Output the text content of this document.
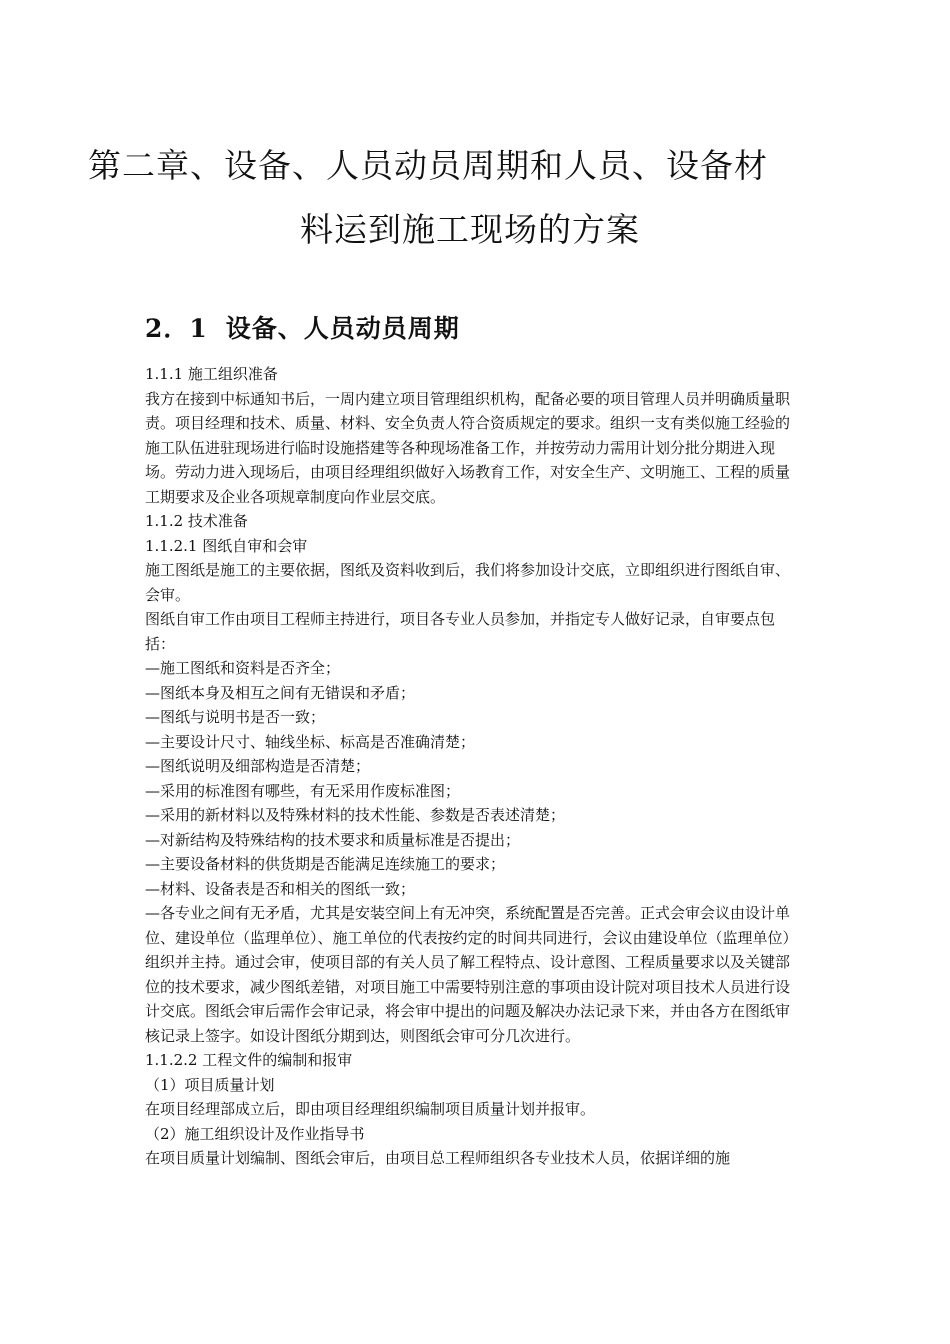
第二章、设备、人员动员周期和人员、设备材
料运到施工现场的方案
2．1 设备、人员动员周期

1.1.1 施工组织准备

我方在接到中标通知书后，一周内建立项目管理组织机构，配备必要的项目管理人员并明确质量职责。项目经理和技术、质量、材料、安全负责人符合资质规定的要求。组织一支有类似施工经验的施工队伍进驻现场进行临时设施搭建等各种现场准备工作，并按劳动力需用计划分批分期进入现场。劳动力进入现场后，由项目经理组织做好入场教育工作，对安全生产、文明施工、工程的质量工期要求及企业各项规章制度向作业层交底。

1.1.2 技术准备

1.1.2.1 图纸自审和会审

施工图纸是施工的主要依据，图纸及资料收到后，我们将参加设计交底，立即组织进行图纸自审、会审。

图纸自审工作由项目工程师主持进行，项目各专业人员参加，并指定专人做好记录，自审要点包括：

—施工图纸和资料是否齐全；

—图纸本身及相互之间有无错误和矛盾；

—图纸与说明书是否一致；

—主要设计尺寸、轴线坐标、标高是否准确清楚；

—图纸说明及细部构造是否清楚；

—采用的标准图有哪些，有无采用作废标准图；

—采用的新材料以及特殊材料的技术性能、参数是否表述清楚；

—对新结构及特殊结构的技术要求和质量标准是否提出；

—主要设备材料的供货期是否能满足连续施工的要求；

—材料、设备表是否和相关的图纸一致；

—各专业之间有无矛盾，尤其是安装空间上有无冲突，系统配置是否完善。正式会审会议由设计单位、建设单位（监理单位）、施工单位的代表按约定的时间共同进行，会议由建设单位（监理单位）组织并主持。通过会审，使项目部的有关人员了解工程特点、设计意图、工程质量要求以及关键部位的技术要求，减少图纸差错，对项目施工中需要特别注意的事项由设计院对项目技术人员进行设计交底。图纸会审后需作会审记录，将会审中提出的问题及解决办法记录下来，并由各方在图纸审核记录上签字。如设计图纸分期到达，则图纸会审可分几次进行。

1.1.2.2 工程文件的编制和报审

（1）项目质量计划

在项目经理部成立后，即由项目经理组织编制项目质量计划并报审。

（2）施工组织设计及作业指导书

在项目质量计划编制、图纸会审后，由项目总工程师组织各专业技术人员，依据详细的施
